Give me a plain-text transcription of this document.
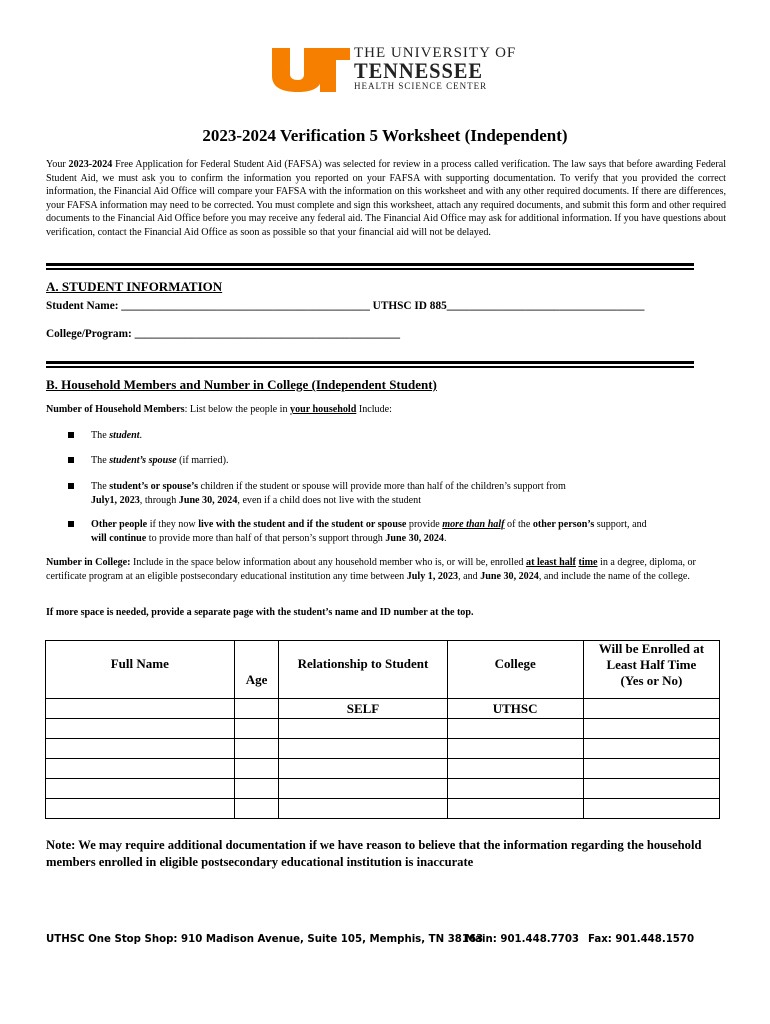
THE UNIVERSITY OF
TENNESSEE
HEALTH SCIENCE CENTER
2023-2024 Verification 5 Worksheet (Independent)
Your 2023-2024 Free Application for Federal Student Aid (FAFSA) was selected for review in a process called verification. The law says that before awarding Federal Student Aid, we must ask you to confirm the information you reported on your FAFSA with supporting documentation. To verify that you provided the correct information, the Financial Aid Office will compare your FAFSA with the information on this worksheet and with any other required documents. If there are differences, your FAFSA information may need to be corrected. You must complete and sign this worksheet, attach any required documents, and submit this form and other required documents to the Financial Aid Office before you may receive any federal aid. The Financial Aid Office may ask for additional information. If you have questions about verification, contact the Financial Aid Office as soon as possible so that your financial aid will not be delayed.
A. STUDENT INFORMATION
Student Name: ____________________________________________ UTHSC ID 885___________________________________
College/Program: _______________________________________________
B. Household Members and Number in College (Independent Student)
Number of Household Members: List below the people in your household Include:
The student.
The student’s spouse (if married).
The student’s or spouse’s children if the student or spouse will provide more than half of the children’s support from
July1, 2023, through June 30, 2024, even if a child does not live with the student
Other people if they now live with the student and if the student or spouse provide more than half of the other person’s support, and
will continue to provide more than half of that person’s support through June 30, 2024.
Number in College: Include in the space below information about any household member who is, or will be, enrolled at least half time in a degree, diploma, or certificate program at an eligible postsecondary educational institution any time between July 1, 2023, and June 30, 2024, and include the name of the college.
If more space is needed, provide a separate page with the student’s name and ID number at the top.
Full Name	Age	Relationship to Student	College	Will be Enrolled at
Least Half Time
(Yes or No)

		SELF	UTHSC	

Note: We may require additional documentation if we have reason to believe that the information regarding the household members enrolled in eligible postsecondary educational institution is inaccurate
UTHSC One Stop Shop: 910 Madison Avenue, Suite 105, Memphis, TN 38163
Main: 901.448.7703 Fax: 901.448.1570
